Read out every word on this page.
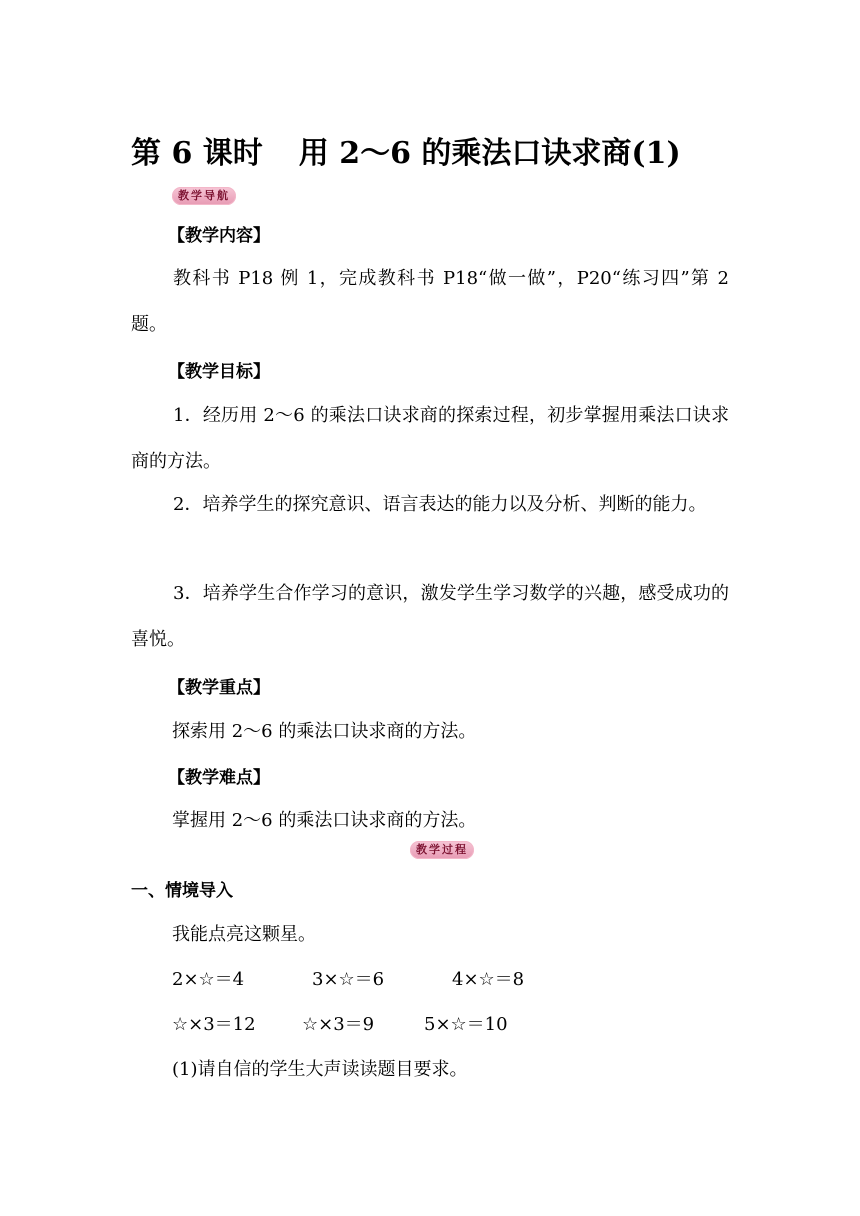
第 6 课时 用 2～6 的乘法口诀求商(1)
教学导航
【教学内容】
教科书 P18 例 1，完成教科书 P18“做一做”，P20“练习四”第 2 题。
【教学目标】
1．经历用 2～6 的乘法口诀求商的探索过程，初步掌握用乘法口诀求商的方法。
2．培养学生的探究意识、语言表达的能力以及分析、判断的能力。
3．培养学生合作学习的意识，激发学生学习数学的兴趣，感受成功的喜悦。
【教学重点】
探索用 2～6 的乘法口诀求商的方法。
【教学难点】
掌握用 2～6 的乘法口诀求商的方法。
教学过程
一、情境导入
我能点亮这颗星。
2×☆＝4	3×☆＝6	4×☆＝8
☆×3＝12	☆×3＝9	5×☆＝10
(1)请自信的学生大声读读题目要求。
